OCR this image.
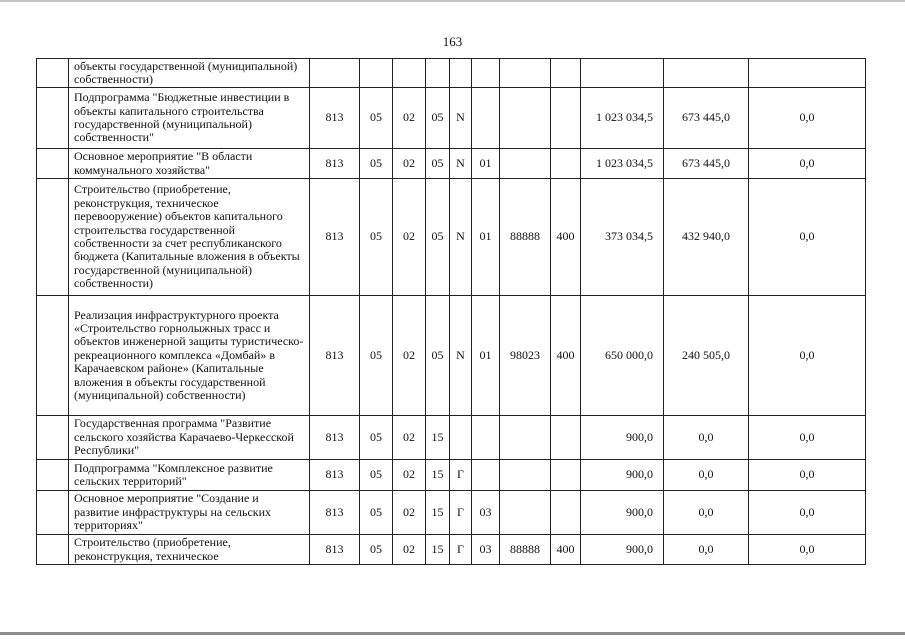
163
	объекты государственной (муниципальной) собственности)											
	Подпрограмма "Бюджетные инвестиции в объекты капитального строительства государственной (муниципальной) собственности"	813	05	02	05	N				1 023 034,5	673 445,0	0,0
	Основное мероприятие "В области коммунального хозяйства"	813	05	02	05	N	01			1 023 034,5	673 445,0	0,0
	Строительство (приобретение, реконструкция, техническое перевооружение) объектов капитального строительства государственной собственности за счет республиканского бюджета (Капитальные вложения в объекты государственной (муниципальной) собственности)	813	05	02	05	N	01	88888	400	373 034,5	432 940,0	0,0
	Реализация инфраструктурного проекта «Строительство горнолыжных трасс и объектов инженерной защиты туристическо-рекреационного комплекса «Домбай» в Карачаевском районе» (Капитальные вложения в объекты государственной (муниципальной) собственности)	813	05	02	05	N	01	98023	400	650 000,0	240 505,0	0,0
	Государственная программа "Развитие сельского хозяйства Карачаево-Черкесской Республики"	813	05	02	15					900,0	0,0	0,0
	Подпрограмма "Комплексное развитие сельских территорий"	813	05	02	15	Г				900,0	0,0	0,0
	Основное мероприятие "Создание и развитие инфраструктуры на сельских территориях"	813	05	02	15	Г	03			900,0	0,0	0,0
	Строительство (приобретение, реконструкция, техническое	813	05	02	15	Г	03	88888	400	900,0	0,0	0,0
